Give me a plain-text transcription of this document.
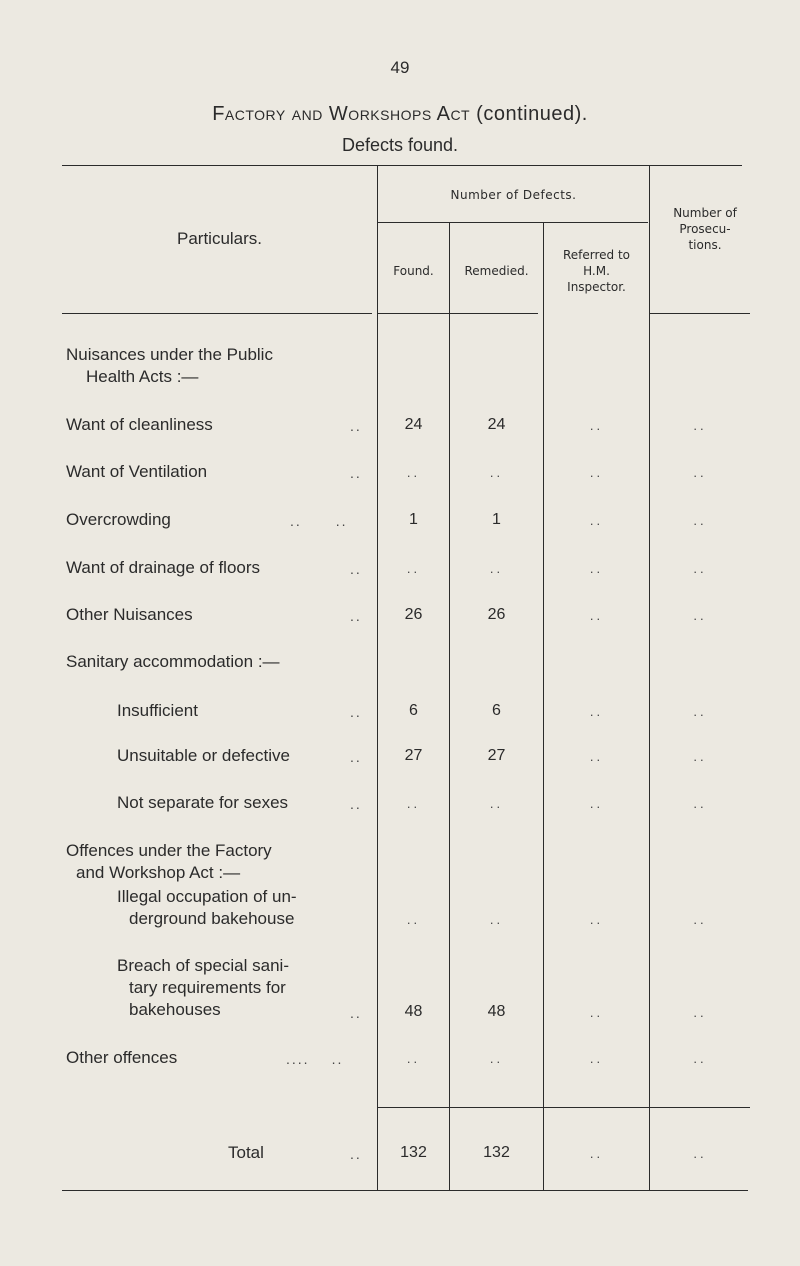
49
Factory and Workshops Act (continued).
Defects found.
Particulars.
Number of Defects.
Found.	Remedied.
Referred to
H.M.
Inspector.
Number of
Prosecu-
tions.
Nuisances under the Public
Health Acts :—
Want of cleanliness	..	24	24	..	..
Want of Ventilation	..	..	..	..	..
Overcrowding	.. ..	1	1	..	..
Want of drainage of floors	..	..	..	..	..
Other Nuisances	..	26	26	..	..
Sanitary accommodation :—
Insufficient	..	6	6	..	..
Unsuitable or defective	..	27	27	..	..
Not separate for sexes	..	..	..	..	..
Offences under the Factory
and Workshop Act :—
Illegal occupation of un-
derground bakehouse	..	..	..	..
Breach of special sani-
tary requirements for
bakehouses	..	48	48	..	..
Other offences	.... ..	..	..	..	..
Total	..	132	132	..	..
